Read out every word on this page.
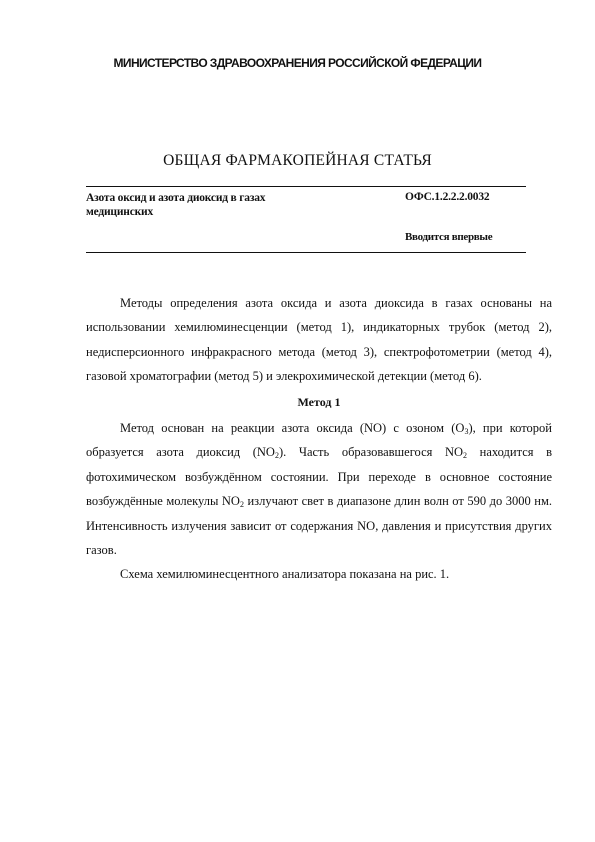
МИНИСТЕРСТВО ЗДРАВООХРАНЕНИЯ РОССИЙСКОЙ ФЕДЕРАЦИИ
ОБЩАЯ ФАРМАКОПЕЙНАЯ СТАТЬЯ
Азота оксид и азота диоксид в газах медицинских
ОФС.1.2.2.2.0032
Вводится впервые

Методы определения азота оксида и азота диоксида в газах основаны на использовании хемилюминесценции (метод 1), индикаторных трубок (метод 2), недисперсионного инфракрасного метода (метод 3), спектрофотометрии (метод 4), газовой хроматографии (метод 5) и элекрохимической детекции (метод 6).

Метод 1

Метод основан на реакции азота оксида (NO) с озоном $(O_3)$, при которой образуется азота диоксид $(NO_2)$. Часть образовавшегося $NO_2$ находится в фотохимическом возбуждённом состоянии. При переходе в основное состояние возбуждённые молекулы $NO_2$ излучают свет в диапазоне длин волн от 590 до 3000 нм. Интенсивность излучения зависит от содержания NO, давления и присутствия других газов.

Схема хемилюминесцентного анализатора показана на рис. 1.
